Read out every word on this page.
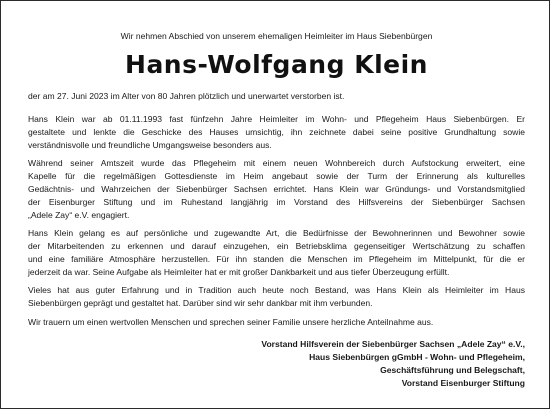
Wir nehmen Abschied von unserem ehemaligen Heimleiter im Haus Siebenbürgen
Hans-Wolfgang Klein
der am 27. Juni 2023 im Alter von 80 Jahren plötzlich und unerwartet verstorben ist.
Hans Klein war ab 01.11.1993 fast fünfzehn Jahre Heimleiter im Wohn- und Pflegeheim Haus Siebenbürgen. Er
gestaltete und lenkte die Geschicke des Hauses umsichtig, ihn zeichnete dabei seine positive Grundhaltung sowie
verständnisvolle und freundliche Umgangsweise besonders aus.
Während seiner Amtszeit wurde das Pflegeheim mit einem neuen Wohnbereich durch Aufstockung erweitert, eine
Kapelle für die regelmäßigen Gottesdienste im Heim angebaut sowie der Turm der Erinnerung als kulturelles
Gedächtnis- und Wahrzeichen der Siebenbürger Sachsen errichtet. Hans Klein war Gründungs- und Vorstandsmitglied
der Eisenburger Stiftung und im Ruhestand langjährig im Vorstand des Hilfsvereins der Siebenbürger Sachsen
„Adele Zay“ e.V. engagiert.
Hans Klein gelang es auf persönliche und zugewandte Art, die Bedürfnisse der Bewohnerinnen und Bewohner sowie
der Mitarbeitenden zu erkennen und darauf einzugehen, ein Betriebsklima gegenseitiger Wertschätzung zu schaffen
und eine familiäre Atmosphäre herzustellen. Für ihn standen die Menschen im Pflegeheim im Mittelpunkt, für die er
jederzeit da war. Seine Aufgabe als Heimleiter hat er mit großer Dankbarkeit und aus tiefer Überzeugung erfüllt.
Vieles hat aus guter Erfahrung und in Tradition auch heute noch Bestand, was Hans Klein als Heimleiter im Haus
Siebenbürgen geprägt und gestaltet hat. Darüber sind wir sehr dankbar mit ihm verbunden.
Wir trauern um einen wertvollen Menschen und sprechen seiner Familie unsere herzliche Anteilnahme aus.
Vorstand Hilfsverein der Siebenbürger Sachsen „Adele Zay“ e.V.,
Haus Siebenbürgen gGmbH - Wohn- und Pflegeheim,
Geschäftsführung und Belegschaft,
Vorstand Eisenburger Stiftung
